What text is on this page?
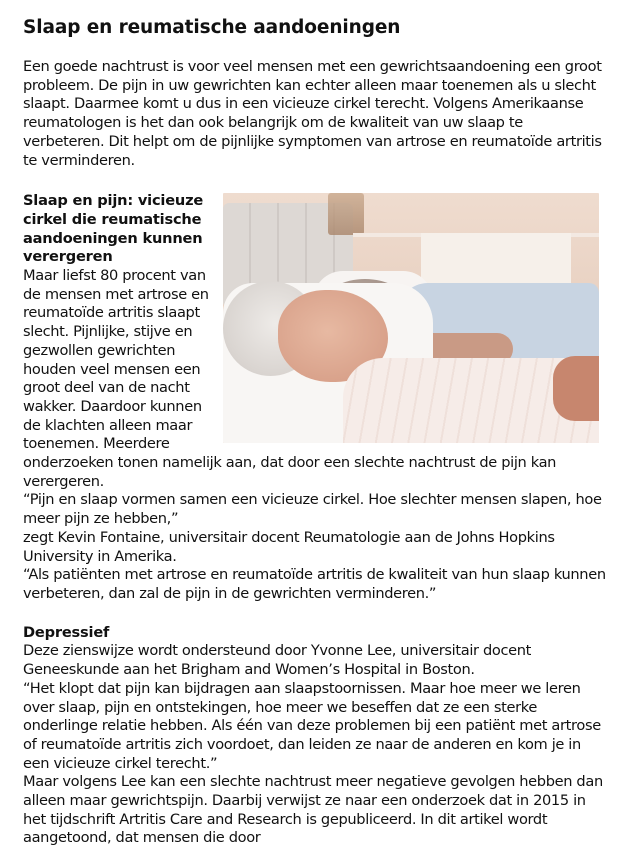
Slaap en reumatische aandoeningen

Een goede nachtrust is voor veel mensen met een gewrichtsaandoening een groot probleem. De pijn in uw gewrichten kan echter alleen maar toenemen als u slecht slaapt. Daarmee komt u dus in een vicieuze cirkel terecht. Volgens Amerikaanse reumatologen is het dan ook belangrijk om de kwaliteit van uw slaap te verbeteren. Dit helpt om de pijnlijke symptomen van artrose en reumatoïde artritis te verminderen.

Slaap en pijn: vicieuze cirkel die reumatische aandoeningen kunnen verergeren

Maar liefst 80 procent van de mensen met artrose en reumatoïde artritis slaapt slecht. Pijnlijke, stijve en gezwollen gewrichten houden veel mensen een groot deel van de nacht wakker. Daardoor kunnen de klachten alleen maar toenemen. Meerdere onderzoeken tonen namelijk aan, dat door een slechte nachtrust de pijn kan verergeren.

“Pijn en slaap vormen samen een vicieuze cirkel. Hoe slechter mensen slapen, hoe meer pijn ze hebben,”

zegt Kevin Fontaine, universitair docent Reumatologie aan de Johns Hopkins University in Amerika.

“Als patiënten met artrose en reumatoïde artritis de kwaliteit van hun slaap kunnen verbeteren, dan zal de pijn in de gewrichten verminderen.”

Depressief

Deze zienswijze wordt ondersteund door Yvonne Lee, universitair docent Geneeskunde aan het Brigham and Women’s Hospital in Boston.

“Het klopt dat pijn kan bijdragen aan slaapstoornissen. Maar hoe meer we leren over slaap, pijn en ontstekingen, hoe meer we beseffen dat ze een sterke onderlinge relatie hebben. Als één van deze problemen bij een patiënt met artrose of reumatoïde artritis zich voordoet, dan leiden ze naar de anderen en kom je in een vicieuze cirkel terecht.”

Maar volgens Lee kan een slechte nachtrust meer negatieve gevolgen hebben dan alleen maar gewrichtspijn. Daarbij verwijst ze naar een onderzoek dat in 2015 in het tijdschrift Artritis Care and Research is gepubliceerd. In dit artikel wordt aangetoond, dat mensen die door
